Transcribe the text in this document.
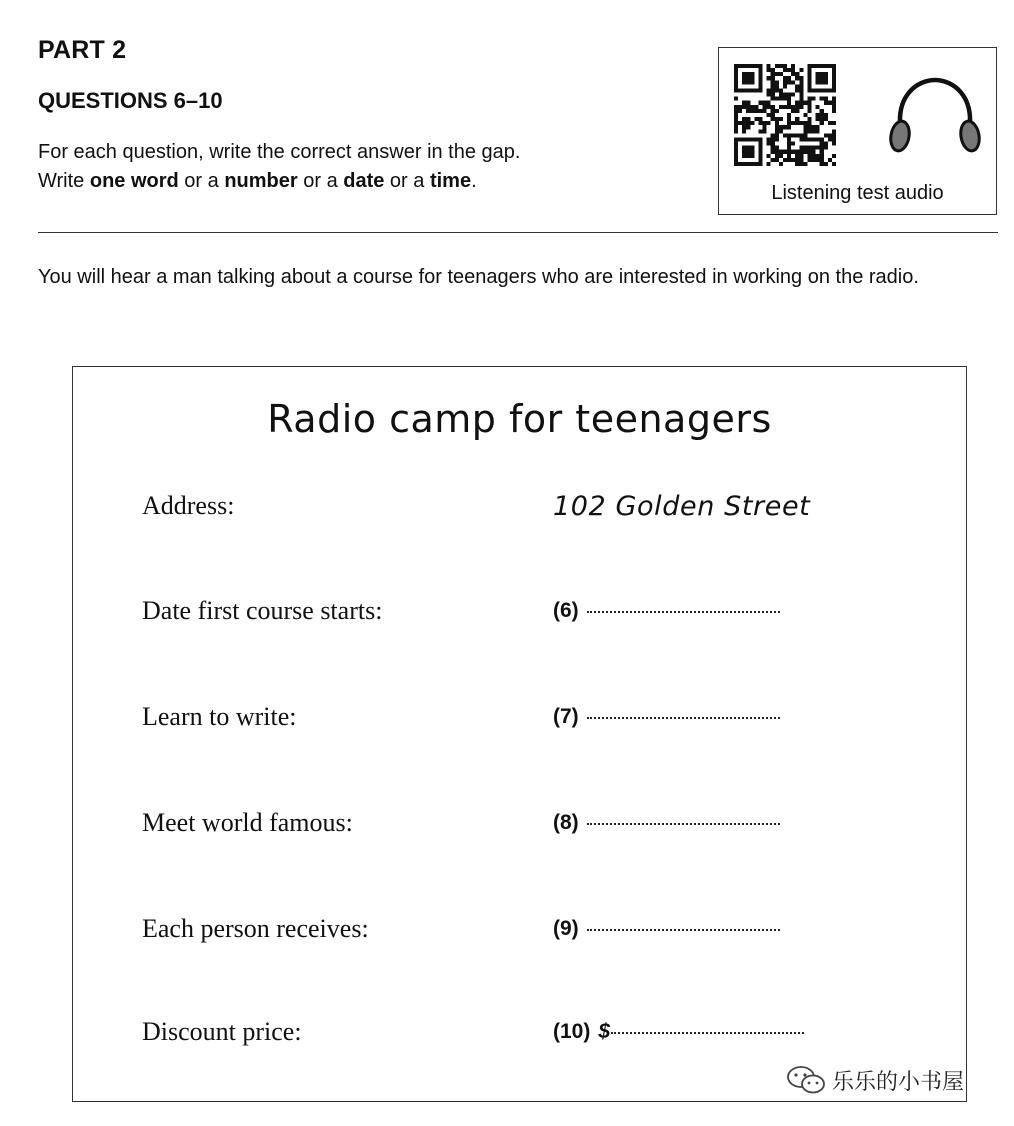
PART 2
QUESTIONS 6–10
For each question, write the correct answer in the gap.
Write one word or a number or a date or a time.
Listening test audio
You will hear a man talking about a course for teenagers who are interested in working on the radio.
Radio camp for teenagers
Address:	102 Golden Street
Date first course starts:	(6)
Learn to write:	(7)
Meet world famous:	(8)
Each person receives:	(9)
Discount price:	(10) $
乐乐的小书屋
